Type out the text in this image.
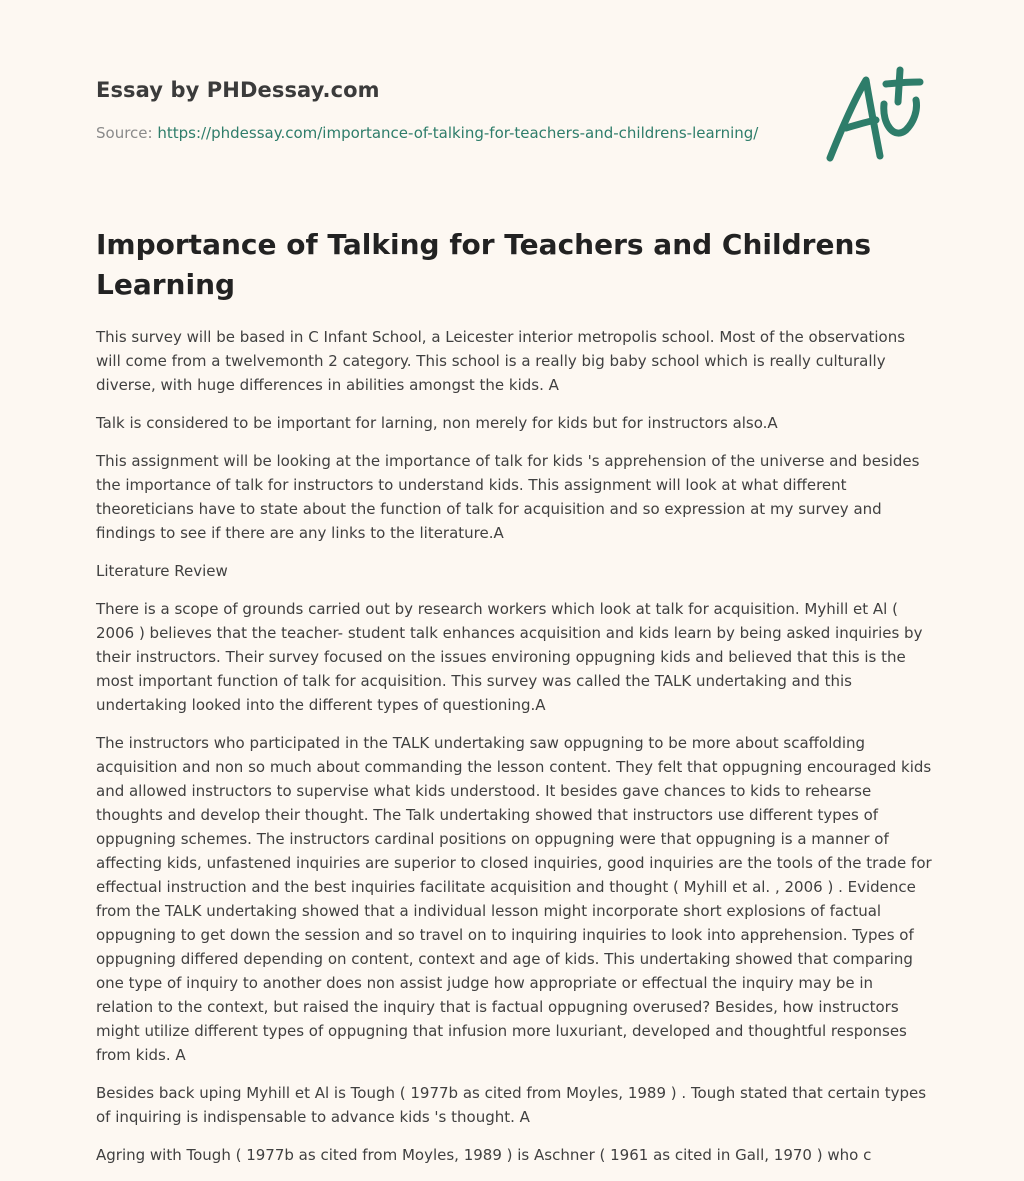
Essay by PHDessay.com
Source: https://phdessay.com/importance-of-talking-for-teachers-and-childrens-learning/
Importance of Talking for Teachers and Childrens Learning

This survey will be based in C Infant School, a Leicester interior metropolis school. Most of the observations will come from a twelvemonth 2 category. This school is a really big baby school which is really culturally diverse, with huge differences in abilities amongst the kids. A

Talk is considered to be important for larning, non merely for kids but for instructors also.A

This assignment will be looking at the importance of talk for kids 's apprehension of the universe and besides the importance of talk for instructors to understand kids. This assignment will look at what different theoreticians have to state about the function of talk for acquisition and so expression at my survey and findings to see if there are any links to the literature.A

Literature Review

There is a scope of grounds carried out by research workers which look at talk for acquisition. Myhill et Al ( 2006 ) believes that the teacher- student talk enhances acquisition and kids learn by being asked inquiries by their instructors. Their survey focused on the issues environing oppugning kids and believed that this is the most important function of talk for acquisition. This survey was called the TALK undertaking and this undertaking looked into the different types of questioning.A

The instructors who participated in the TALK undertaking saw oppugning to be more about scaffolding acquisition and non so much about commanding the lesson content. They felt that oppugning encouraged kids and allowed instructors to supervise what kids understood. It besides gave chances to kids to rehearse thoughts and develop their thought. The Talk undertaking showed that instructors use different types of oppugning schemes. The instructors cardinal positions on oppugning were that oppugning is a manner of affecting kids, unfastened inquiries are superior to closed inquiries, good inquiries are the tools of the trade for effectual instruction and the best inquiries facilitate acquisition and thought ( Myhill et al. , 2006 ) . Evidence from the TALK undertaking showed that a individual lesson might incorporate short explosions of factual oppugning to get down the session and so travel on to inquiring inquiries to look into apprehension. Types of oppugning differed depending on content, context and age of kids. This undertaking showed that comparing one type of inquiry to another does non assist judge how appropriate or effectual the inquiry may be in relation to the context, but raised the inquiry that is factual oppugning overused? Besides, how instructors might utilize different types of oppugning that infusion more luxuriant, developed and thoughtful responses from kids. A

Besides back uping Myhill et Al is Tough ( 1977b as cited from Moyles, 1989 ) . Tough stated that certain types of inquiring is indispensable to advance kids 's thought. A

Agring with Tough ( 1977b as cited from Moyles, 1989 ) is Aschner ( 1961 as cited in Gall, 1970 ) who c
